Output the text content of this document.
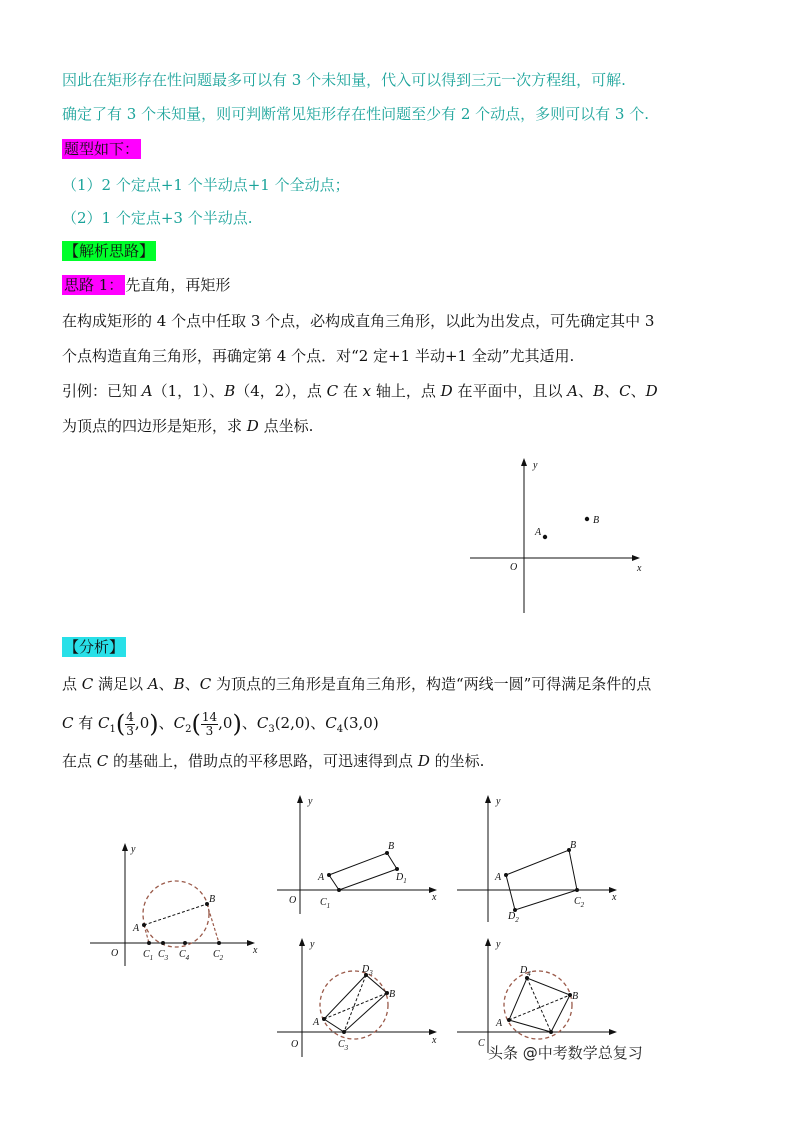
因此在矩形存在性问题最多可以有 3 个未知量，代入可以得到三元一次方程组，可解.
确定了有 3 个未知量，则可判断常见矩形存在性问题至少有 2 个动点，多则可以有 3 个.
题型如下：
（1）2 个定点+1 个半动点+1 个全动点；
（2）1 个定点+3 个半动点.
【解析思路】
思路 1： 先直角，再矩形
在构成矩形的 4 个点中任取 3 个点，必构成直角三角形，以此为出发点，可先确定其中 3
个点构造直角三角形，再确定第 4 个点．对“2 定+1 半动+1 全动”尤其适用.
引例：已知 A（1，1）、B（4，2），点 C 在 x 轴上，点 D 在平面中，且以 A、B、C、D
为顶点的四边形是矩形，求 D 点坐标.
y
x
O
A
B
【分析】
点 C 满足以 A、B、C 为顶点的三角形是直角三角形，构造“两线一圆”可得满足条件的点
C 有 $C_1( \frac{4}{3} ,0)$、$C_2( \frac{14}{3} ,0)$、$C_3(2,0)$、$C_4(3,0)$
在点 C 的基础上，借助点的平移思路，可迅速得到点 D 的坐标.
y
x
O
A
B
$C_1$ $C_3$ $C_4$ $C_2$
y
x
O
A
B
$D_1$
$C_1$
y
x
A
B
$C_2$
$D_2$
y
x
O
A
B
$D_3$
$C_3$
y
A
B
$D_4$
C
头条 @中考数学总复习
